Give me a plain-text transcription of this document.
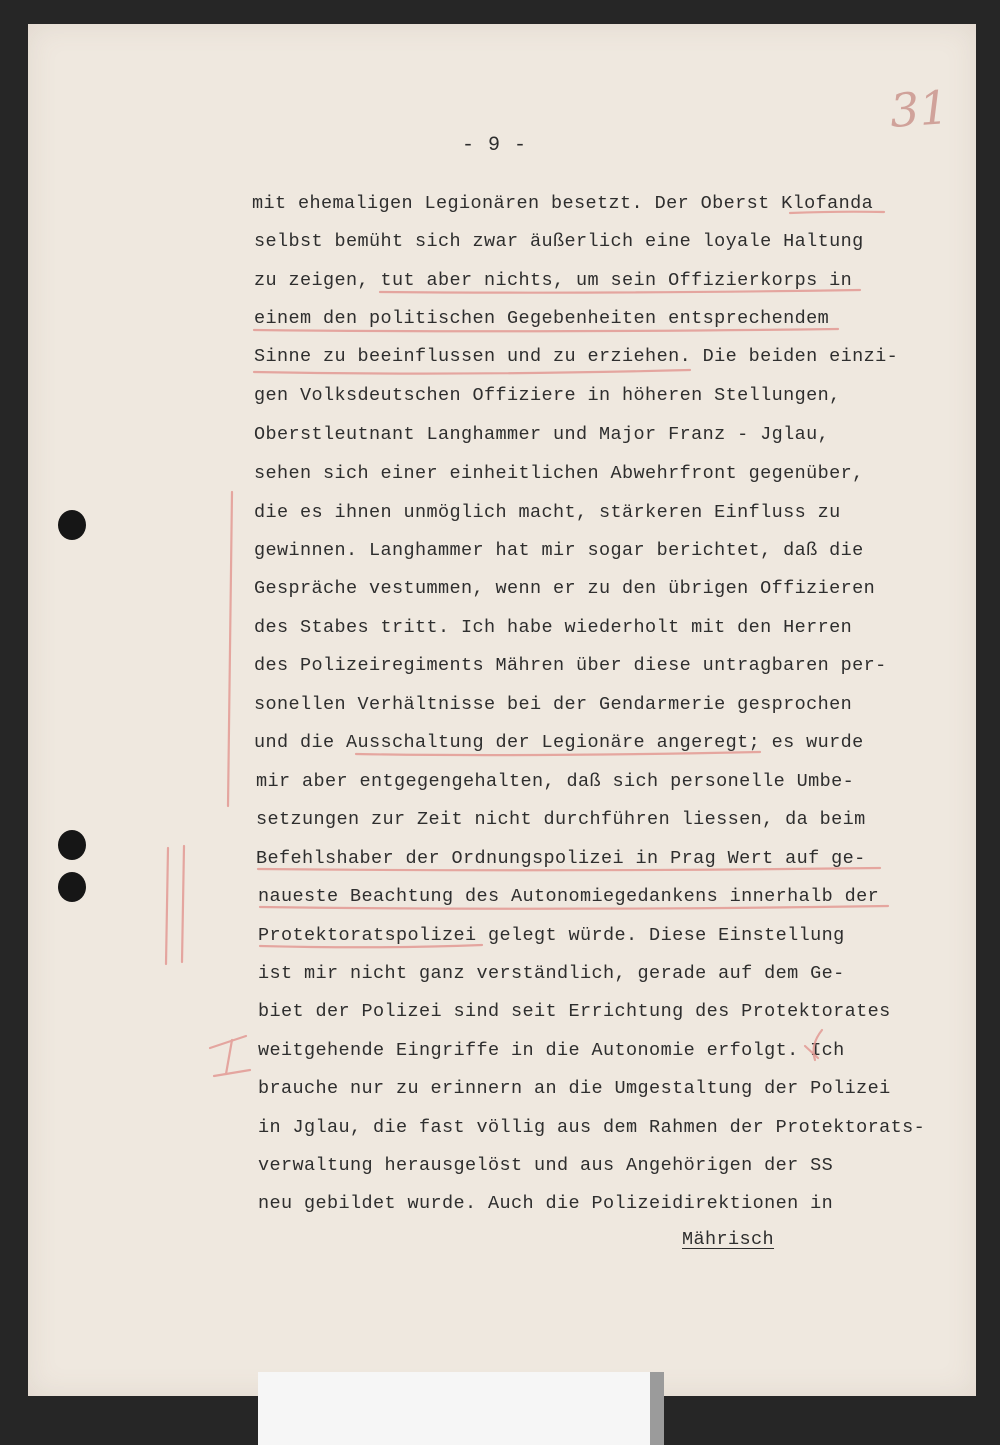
31
- 9 -
mit ehemaligen Legionären besetzt. Der Oberst Klofanda
selbst bemüht sich zwar äußerlich eine loyale Haltung
zu zeigen, tut aber nichts, um sein Offizierkorps in
einem den politischen Gegebenheiten entsprechendem
Sinne zu beeinflussen und zu erziehen. Die beiden einzi-
gen Volksdeutschen Offiziere in höheren Stellungen,
Oberstleutnant Langhammer und Major Franz - Jglau,
sehen sich einer einheitlichen Abwehrfront gegenüber,
die es ihnen unmöglich macht, stärkeren Einfluss zu
gewinnen. Langhammer hat mir sogar berichtet, daß die
Gespräche vestummen, wenn er zu den übrigen Offizieren
des Stabes tritt. Ich habe wiederholt mit den Herren
des Polizeiregiments Mähren über diese untragbaren per-
sonellen Verhältnisse bei der Gendarmerie gesprochen
und die Ausschaltung der Legionäre angeregt; es wurde
mir aber entgegengehalten, daß sich personelle Umbe-
setzungen zur Zeit nicht durchführen liessen, da beim
Befehlshaber der Ordnungspolizei in Prag Wert auf ge-
naueste Beachtung des Autonomiegedankens innerhalb der
Protektoratspolizei gelegt würde. Diese Einstellung
ist mir nicht ganz verständlich, gerade auf dem Ge-
biet der Polizei sind seit Errichtung des Protektorates
weitgehende Eingriffe in die Autonomie erfolgt. Ich
brauche nur zu erinnern an die Umgestaltung der Polizei
in Jglau, die fast völlig aus dem Rahmen der Protektorats-
verwaltung herausgelöst und aus Angehörigen der SS
neu gebildet wurde. Auch die Polizeidirektionen in
Mährisch
